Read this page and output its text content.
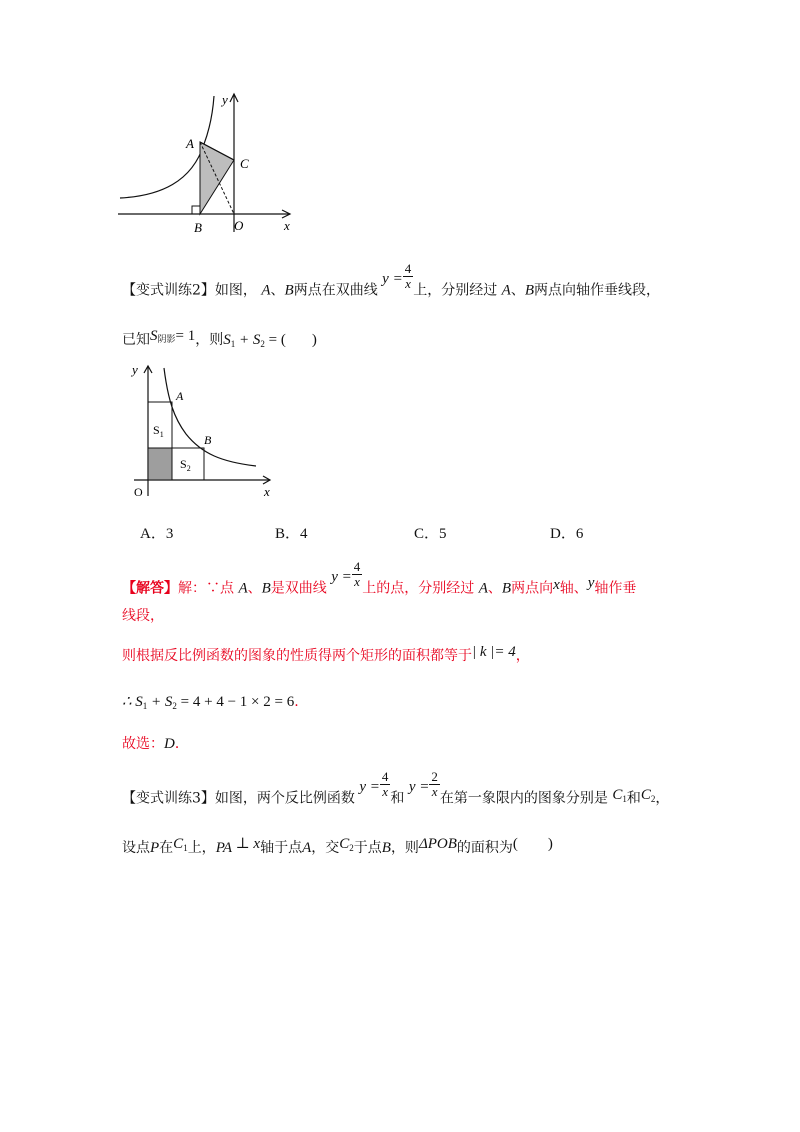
A
B
C
O	x
y
【变式训练2】如图， A、B两点在双曲线 $y = \frac{4}{x}$ 上，分别经过 A、B两点向轴作垂线段，
已知S阴影= 1，则$S_1 + S_2$ = ( )
y
A
B
$S_1$
$S_2$
O	x
A．3	B．4	C．5	D．6
【解答】解：∵点 A、B是双曲线 $y = \frac{4}{x}$ 上的点，分别经过 A、B两点向x轴、y轴作垂
线段，
则根据反比例函数的图象的性质得两个矩形的面积都等于| k |= 4，
∴ $S_1 + S_2 = 4 + 4 - 1 \times 2 = 6$.
故选：D．
【变式训练3】如图，两个反比例函数 $y = \frac{4}{x}$ 和 $y = \frac{2}{x}$ 在第一象限内的图象分别是 $C_1$和$C_2$，
设点P在$C_1$上，PA ⊥ x轴于点A，交$C_2$于点B，则ΔPOB的面积为(　　)
